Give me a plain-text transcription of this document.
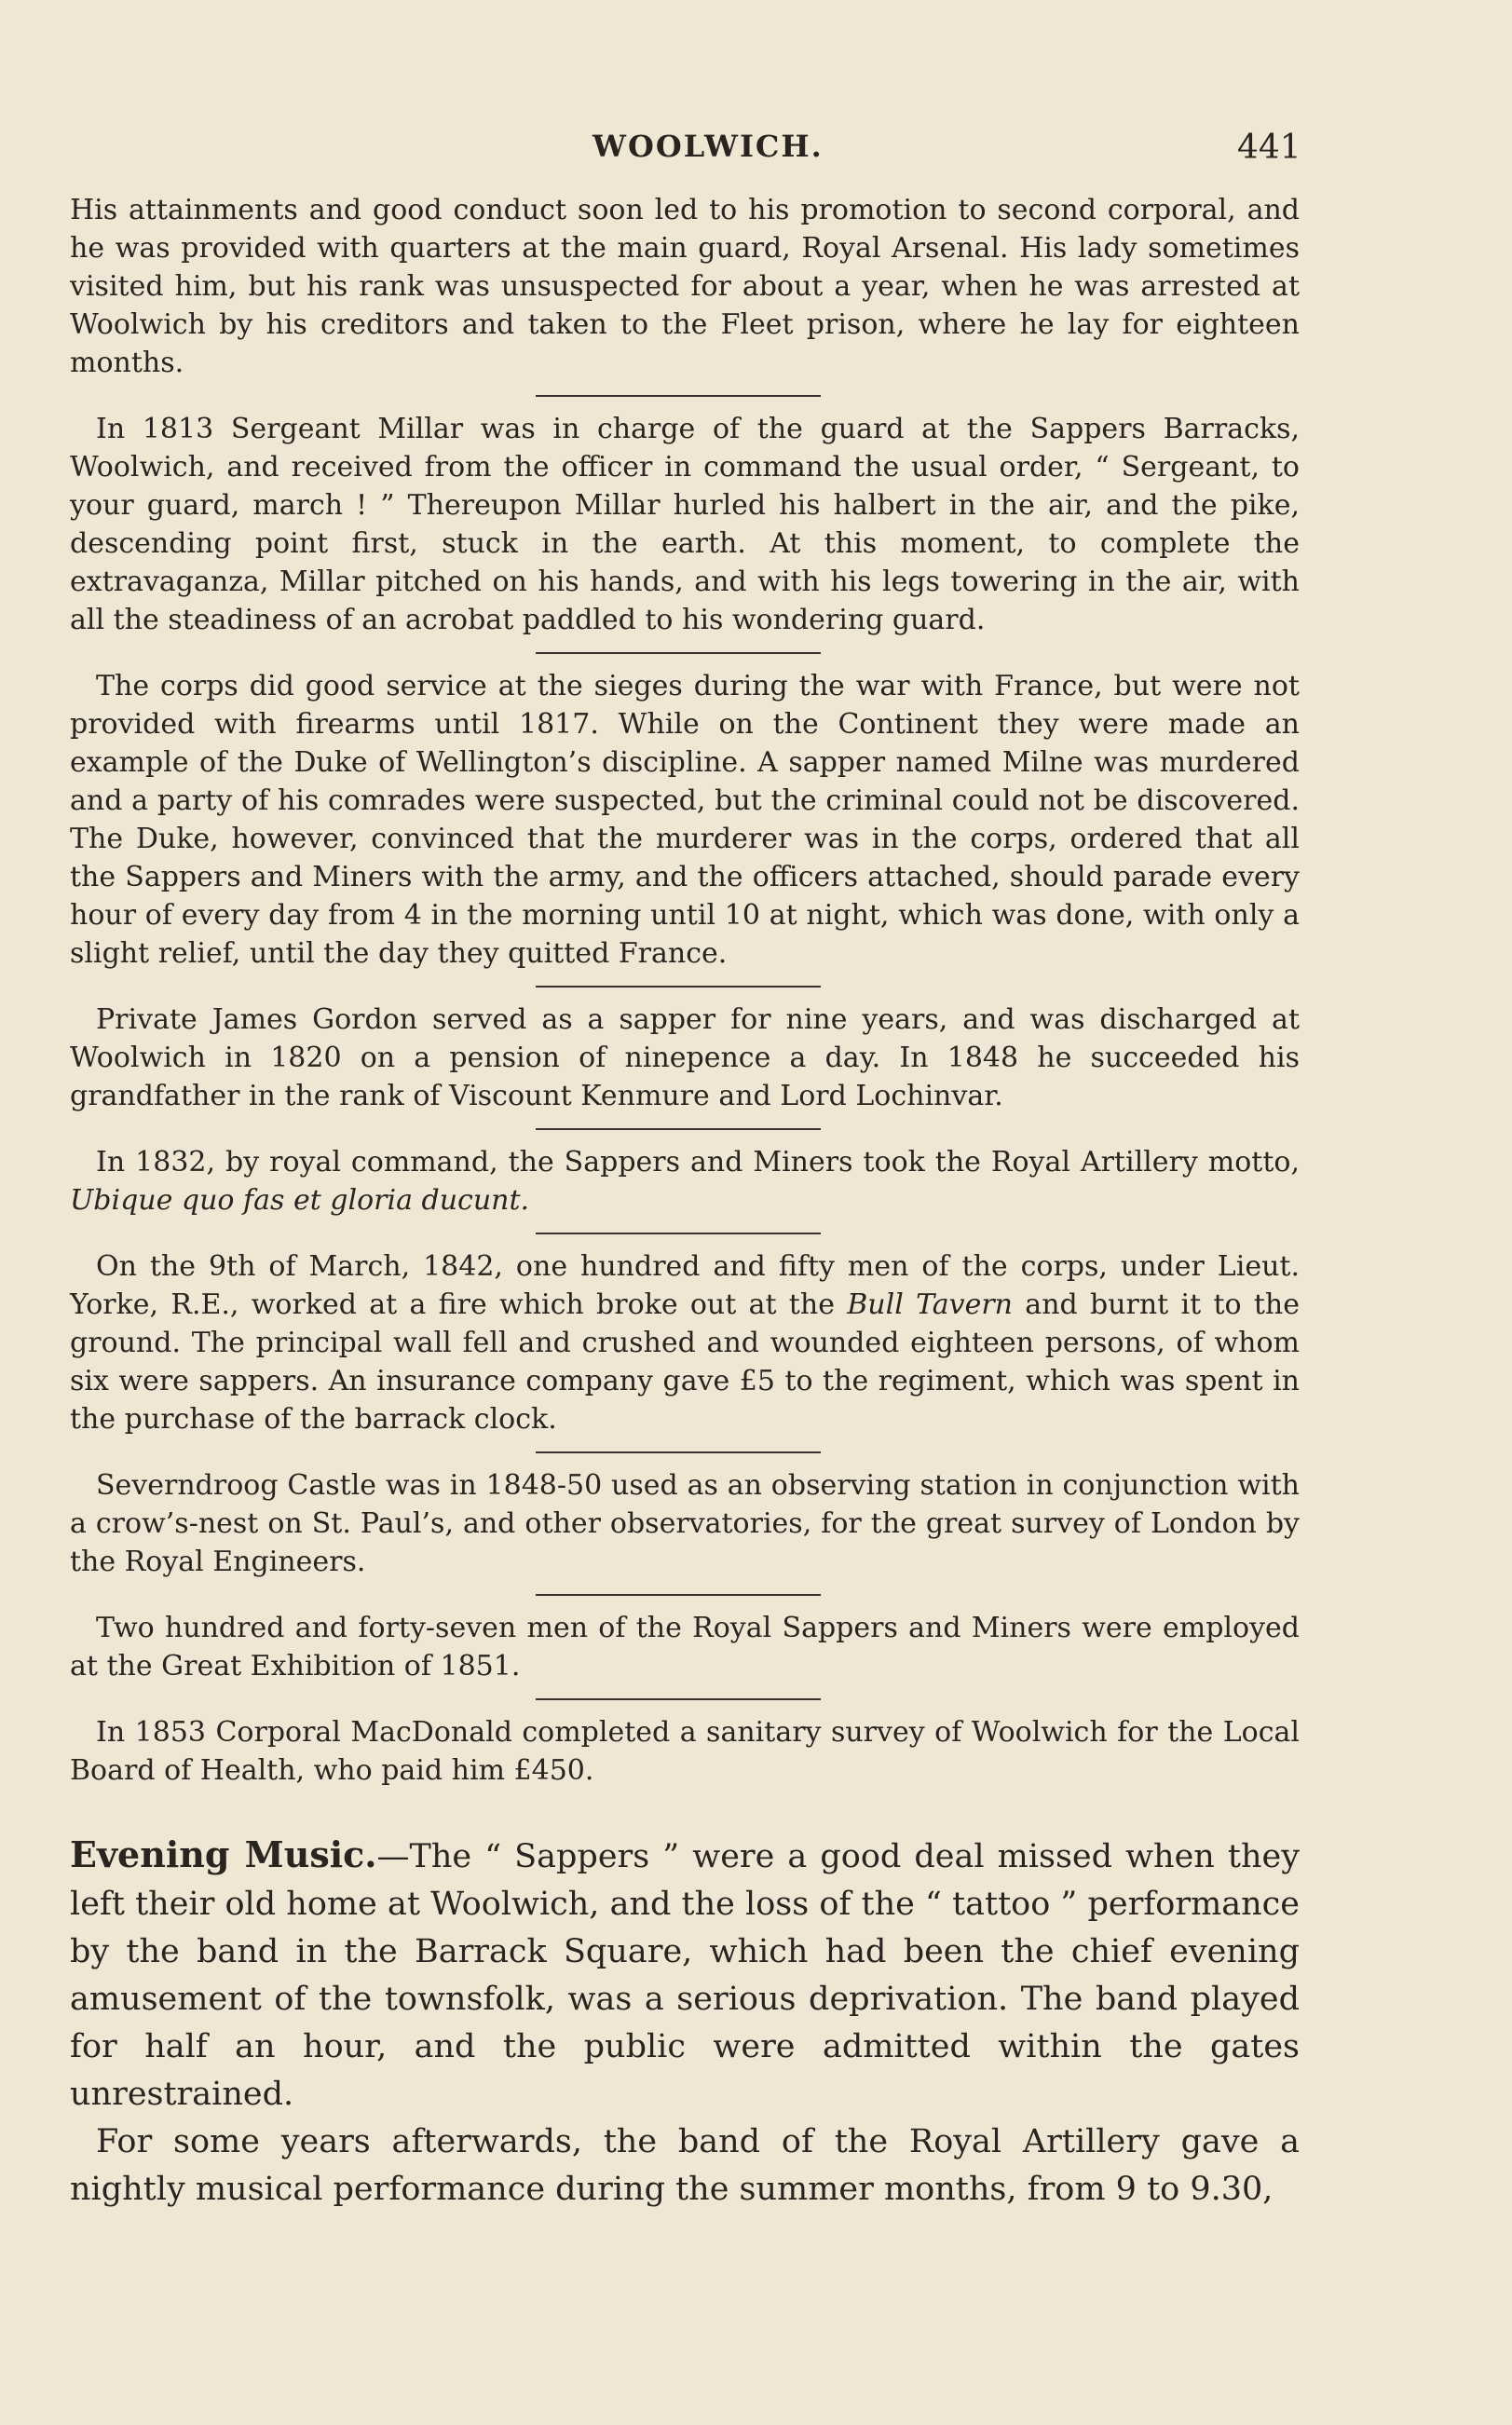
WOOLWICH.	441

His attainments and good conduct soon led to his promotion to second corporal, and he was provided with quarters at the main guard, Royal Arsenal. His lady sometimes visited him, but his rank was unsuspected for about a year, when he was arrested at Woolwich by his creditors and taken to the Fleet prison, where he lay for eighteen months.

In 1813 Sergeant Millar was in charge of the guard at the Sappers Barracks, Woolwich, and received from the officer in command the usual order, “ Sergeant, to your guard, march ! ” Thereupon Millar hurled his halbert in the air, and the pike, descending point first, stuck in the earth. At this moment, to complete the extravaganza, Millar pitched on his hands, and with his legs towering in the air, with all the steadiness of an acrobat paddled to his wondering guard.

The corps did good service at the sieges during the war with France, but were not provided with firearms until 1817. While on the Continent they were made an example of the Duke of Wellington’s discipline. A sapper named Milne was murdered and a party of his comrades were suspected, but the criminal could not be discovered. The Duke, however, convinced that the murderer was in the corps, ordered that all the Sappers and Miners with the army, and the officers attached, should parade every hour of every day from 4 in the morning until 10 at night, which was done, with only a slight relief, until the day they quitted France.

Private James Gordon served as a sapper for nine years, and was discharged at Woolwich in 1820 on a pension of ninepence a day. In 1848 he succeeded his grandfather in the rank of Viscount Kenmure and Lord Lochinvar.

In 1832, by royal command, the Sappers and Miners took the Royal Artillery motto, Ubique quo fas et gloria ducunt.

On the 9th of March, 1842, one hundred and fifty men of the corps, under Lieut. Yorke, R.E., worked at a fire which broke out at the Bull Tavern and burnt it to the ground. The principal wall fell and crushed and wounded eighteen persons, of whom six were sappers. An insurance company gave £5 to the regiment, which was spent in the purchase of the barrack clock.

Severndroog Castle was in 1848-50 used as an observing station in conjunction with a crow’s-nest on St. Paul’s, and other observatories, for the great survey of London by the Royal Engineers.

Two hundred and forty-seven men of the Royal Sappers and Miners were employed at the Great Exhibition of 1851.

In 1853 Corporal MacDonald completed a sanitary survey of Woolwich for the Local Board of Health, who paid him £450.

Evening Music.—The “ Sappers ” were a good deal missed when they left their old home at Woolwich, and the loss of the “ tattoo ” performance by the band in the Barrack Square, which had been the chief evening amusement of the townsfolk, was a serious deprivation. The band played for half an hour, and the public were admitted within the gates unrestrained.

For some years afterwards, the band of the Royal Artillery gave a nightly musical performance during the summer months, from 9 to 9.30,
